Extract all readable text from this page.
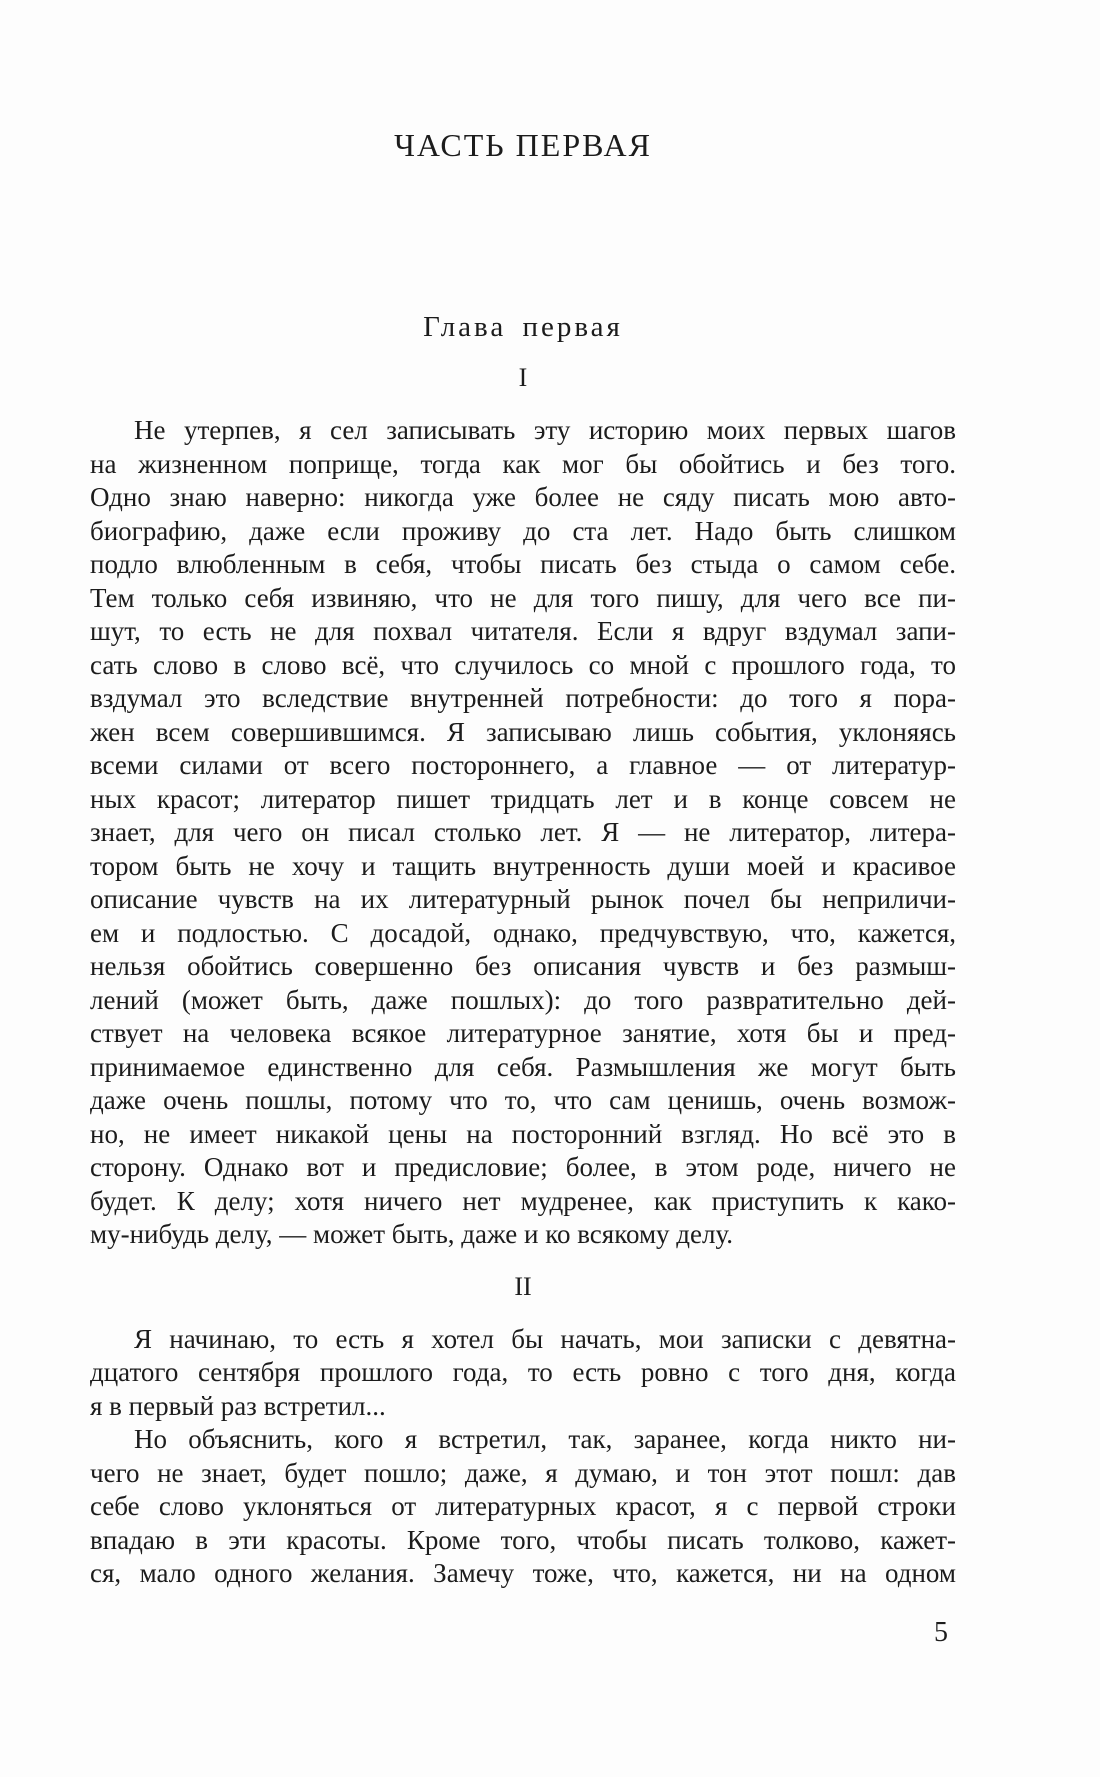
ЧАСТЬ ПЕРВАЯ
Глава первая
I
Не утерпев, я сел записывать эту историю моих первых шагов
на жизненном поприще, тогда как мог бы обойтись и без того.
Одно знаю наверно: никогда уже более не сяду писать мою авто-
биографию, даже если проживу до ста лет. Надо быть слишком
подло влюбленным в себя, чтобы писать без стыда о самом себе.
Тем только себя извиняю, что не для того пишу, для чего все пи-
шут, то есть не для похвал читателя. Если я вдруг вздумал запи-
сать слово в слово всё, что случилось со мной с прошлого года, то
вздумал это вследствие внутренней потребности: до того я пора-
жен всем совершившимся. Я записываю лишь события, уклоняясь
всеми силами от всего постороннего, а главное — от литератур-
ных красот; литератор пишет тридцать лет и в конце совсем не
знает, для чего он писал столько лет. Я — не литератор, литера-
тором быть не хочу и тащить внутренность души моей и красивое
описание чувств на их литературный рынок почел бы неприличи-
ем и подлостью. С досадой, однако, предчувствую, что, кажется,
нельзя обойтись совершенно без описания чувств и без размыш-
лений (может быть, даже пошлых): до того развратительно дей-
ствует на человека всякое литературное занятие, хотя бы и пред-
принимаемое единственно для себя. Размышления же могут быть
даже очень пошлы, потому что то, что сам ценишь, очень возмож-
но, не имеет никакой цены на посторонний взгляд. Но всё это в
сторону. Однако вот и предисловие; более, в этом роде, ничего не
будет. К делу; хотя ничего нет мудренее, как приступить к како-
му-нибудь делу, — может быть, даже и ко всякому делу.
II
Я начинаю, то есть я хотел бы начать, мои записки с девятна-
дцатого сентября прошлого года, то есть ровно с того дня, когда
я в первый раз встретил...
Но объяснить, кого я встретил, так, заранее, когда никто ни-
чего не знает, будет пошло; даже, я думаю, и тон этот пошл: дав
себе слово уклоняться от литературных красот, я с первой строки
впадаю в эти красоты. Кроме того, чтобы писать толково, кажет-
ся, мало одного желания. Замечу тоже, что, кажется, ни на одном
5
